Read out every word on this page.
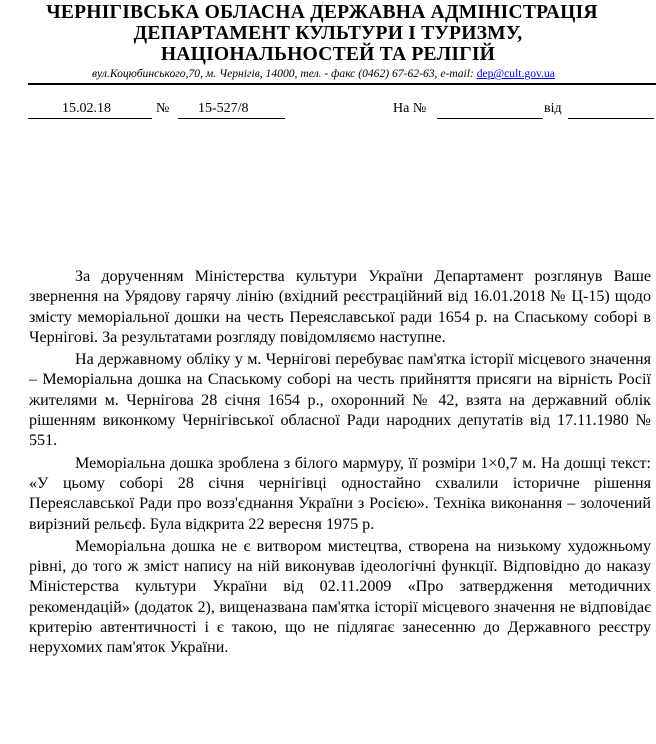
ЧЕРНІГІВСЬКА ОБЛАСНА ДЕРЖАВНА АДМІНІСТРАЦІЯ
ДЕПАРТАМЕНТ КУЛЬТУРИ І ТУРИЗМУ,
НАЦІОНАЛЬНОСТЕЙ ТА РЕЛІГІЙ
вул.Коцюбинського,70, м. Чернігів, 14000, тел. - факс (0462) 67-62-63, e-mail: dep@cult.gov.ua
15.02.18	№ 15-527/8	На №	від

За дорученням Міністерства культури України Департамент розглянув Ваше звернення на Урядову гарячу лінію (вхідний реєстраційний від 16.01.2018 № Ц-15) щодо змісту меморіальної дошки на честь Переяславської ради 1654 р. на Спаському соборі в Чернігові. За результатами розгляду повідомляємо наступне.

На державному обліку у м. Чернігові перебуває пам'ятка історії місцевого значення – Меморіальна дошка на Спаському соборі на честь прийняття присяги на вірність Росії жителями м. Чернігова 28 січня 1654 р., охоронний № 42, взята на державний облік рішенням виконкому Чернігівської обласної Ради народних депутатів від 17.11.1980 № 551.

Меморіальна дошка зроблена з білого мармуру, її розміри 1×0,7 м. На дошці текст: «У цьому соборі 28 січня чернігівці одностайно схвалили історичне рішення Переяславської Ради про возз'єднання України з Росією». Техніка виконання – золочений вирізний рельєф. Була відкрита 22 вересня 1975 р.

Меморіальна дошка не є витвором мистецтва, створена на низькому художньому рівні, до того ж зміст напису на ній виконував ідеологічні функції. Відповідно до наказу Міністерства культури України від 02.11.2009 «Про затвердження методичних рекомендацій» (додаток 2), вищеназвана пам'ятка історії місцевого значення не відповідає критерію автентичності і є такою, що не підлягає занесенню до Державного реєстру нерухомих пам'яток України.
